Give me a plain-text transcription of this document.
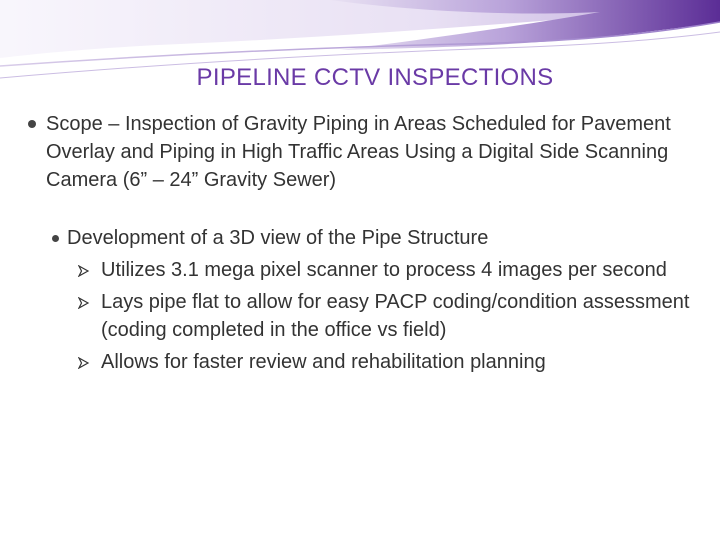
PIPELINE CCTV INSPECTIONS
Scope – Inspection of Gravity Piping in Areas Scheduled for Pavement Overlay and Piping in High Traffic Areas Using a Digital Side Scanning Camera (6” – 24” Gravity Sewer)
Development of a 3D view of the Pipe Structure
Utilizes 3.1 mega pixel scanner to process 4 images per second
Lays pipe flat to allow for easy PACP coding/condition assessment (coding completed in the office vs field)
Allows for faster review and rehabilitation planning
